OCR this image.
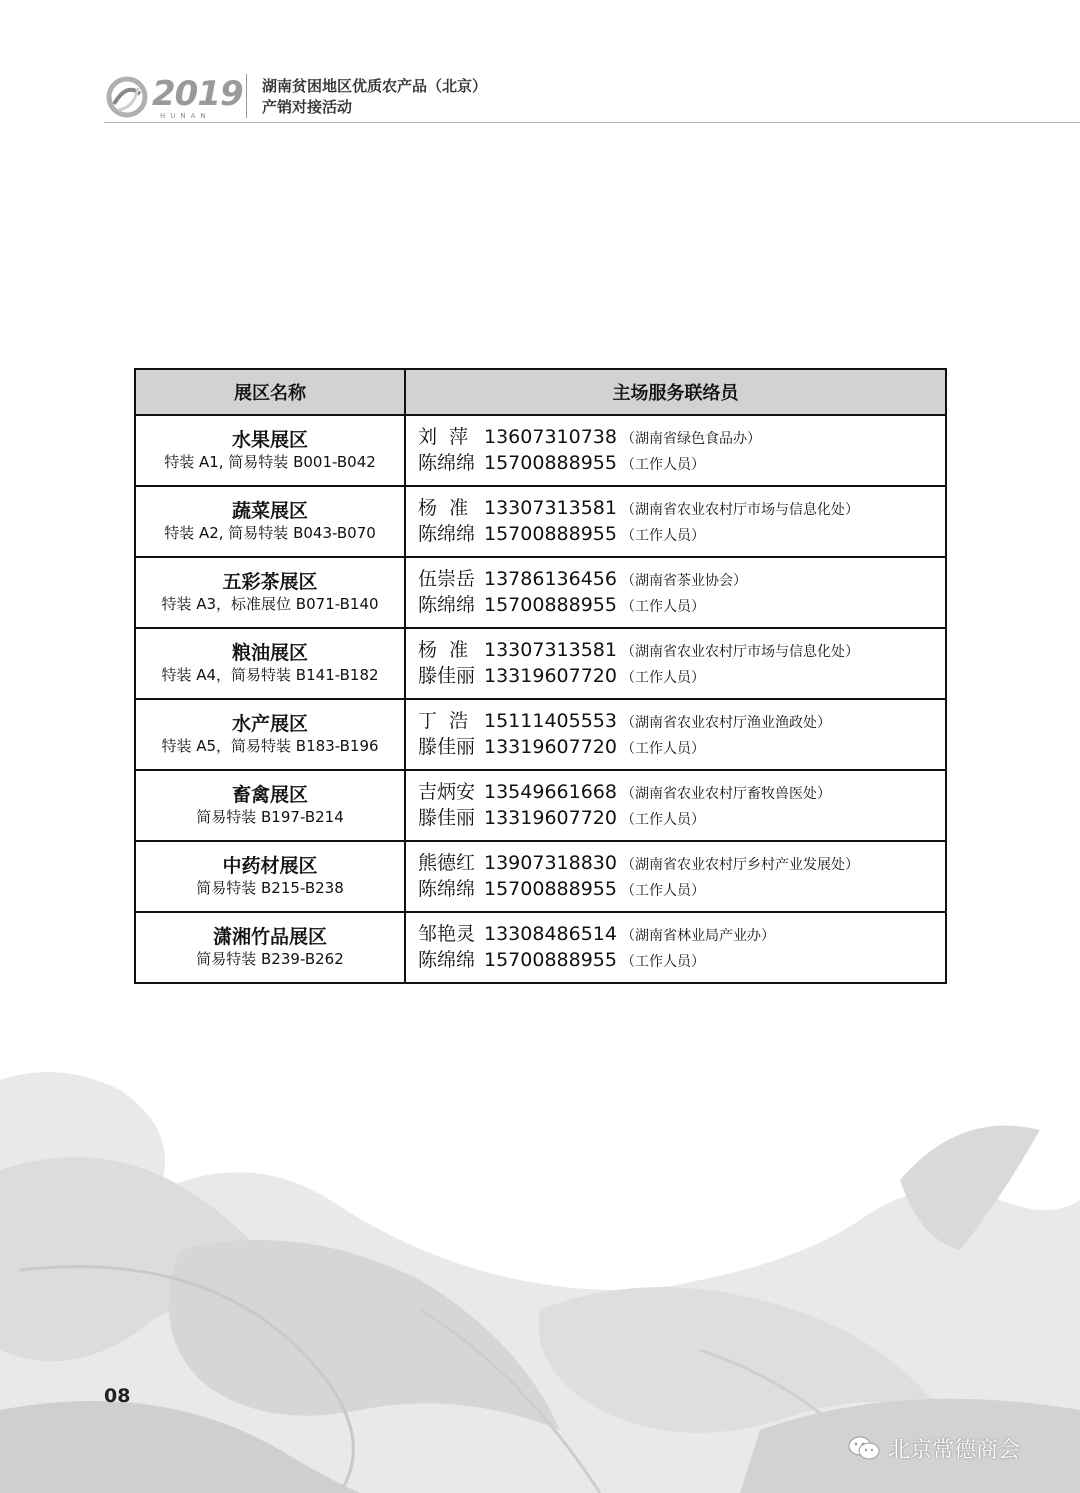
2019
HUNAN
湖南贫困地区优质农产品（北京）
产销对接活动
展区名称	主场服务联络员

水果展区
特装 A1, 简易特装 B001-B042	刘  萍 13607310738 （湖南省绿色食品办）
陈绵绵 15700888955 （工作人员）

蔬菜展区
特装 A2, 简易特装 B043-B070	杨  准 13307313581 （湖南省农业农村厅市场与信息化处）
陈绵绵 15700888955 （工作人员）

五彩茶展区
特装 A3，标准展位 B071-B140	伍崇岳 13786136456 （湖南省茶业协会）
陈绵绵 15700888955 （工作人员）

粮油展区
特装 A4，简易特装 B141-B182	杨  准 13307313581 （湖南省农业农村厅市场与信息化处）
滕佳丽 13319607720 （工作人员）

水产展区
特装 A5，简易特装 B183-B196	丁  浩 15111405553 （湖南省农业农村厅渔业渔政处）
滕佳丽 13319607720 （工作人员）

畜禽展区
简易特装 B197-B214	吉炳安 13549661668 （湖南省农业农村厅畜牧兽医处）
滕佳丽 13319607720 （工作人员）

中药材展区
简易特装 B215-B238	熊德红 13907318830 （湖南省农业农村厅乡村产业发展处）
陈绵绵 15700888955 （工作人员）

潇湘竹品展区
简易特装 B239-B262	邹艳灵 13308486514 （湖南省林业局产业办）
陈绵绵 15700888955 （工作人员）
08
北京常德商会
